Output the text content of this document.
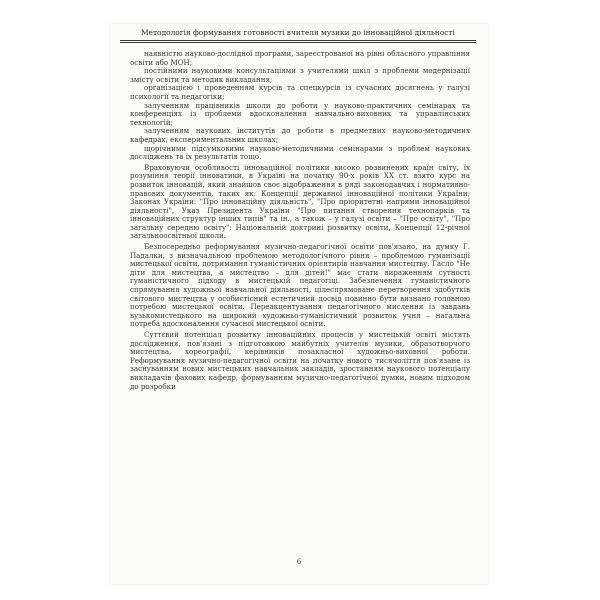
Методологія формування готовності вчителя музики до інноваційної діяльності

наявністю науково-дослідної програми, зареєстрованої на рівні обласного управління освіти або МОН;

постійними науковими консультаціями з учителями шкіл з проблеми модернізації змісту освіти та методик викладання;

організацією і проведенням курсів та спецкурсів із сучасних досягнень у галузі психології та педагогіки;

залученням працівників школи до роботи у науково-практичних семінарах та конференціях із проблеми вдосконалення навчально-виховних та управлінських технологій;

залученням наукових інститутів до роботи в предметних науково-методичних кафедрах, експериментальних школах;

щорічними підсумковими науково-методичними семінарами з проблем наукових досліджень та їх результатів тощо.

Враховуючи особливості інноваційної політики високо розвинених країн світу, їх розуміння теорії інноватики, в Україні на початку 90-х років ХХ ст. взято курс на розвиток інновацій, який знайшов своє відображення в ряді законодавчих і нормативно-правових документів, таких як: Концепції державної інноваційної політики України; Законах України: "Про інноваційну діяльність", "Про пріоритетні напрями інноваційної діяльності", Указ Президента України "Про питання створення технопарків та інноваційних структур інших типів" та ін., а також – у галузі освіти – "Про освіту", "Про загальну середню освіту"; Національній доктрині розвитку освіти, Концепції 12-річної загальноосвітньої школи.

Безпосередньо реформування музично-педагогічної освіти пов'язано, на думку Г. Падалки, з визначальною проблемою методологічного рівня – проблемою гуманізації мистецької освіти, дотримання гуманістичних орієнтирів навчання мистецтву. Гасло "Не діти для мистецтва, а мистецтво – для дітей!" має стати вираженням сутності гуманістичного підходу в мистецькій педагогіці. Забезпечення гуманістичного спрямування художньої навчальної діяльності, цілеспрямоване перетворення здобутків світового мистецтва у особистісний естетичний досвід повинно бути визнано головною потребою мистецької освіти. Переакцентування педагогічного мислення із завдань вузькомистецького на широкий художньо-гуманістичний розвиток учня – нагальна потреба вдосконалення сучасної мистецької освіти.

Суттєвий потенціал розвитку інноваційних процесів у мистецькій освіті містять дослідження, пов'язані з підготовкою майбутніх учителів музики, образотворчого мистецтва, хореографії, керівників позакласної художньо-виховної роботи. Реформування музично-педагогічної освіти на початку нового тисячоліття пов'язане із заснуванням нових мистецьких навчальних закладів, зростанням наукового потенціалу викладачів фахових кафедр, формуванням музично-педагогічної думки, новим підходом до розробки

6
